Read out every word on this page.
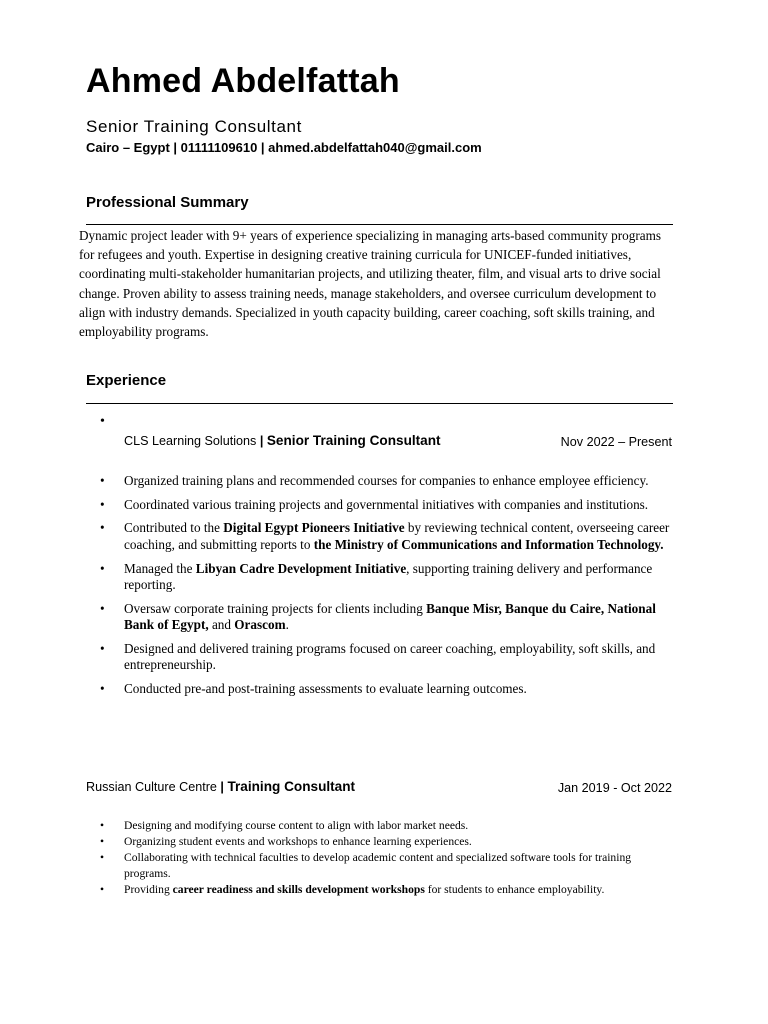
Ahmed Abdelfattah
Senior Training Consultant
Cairo – Egypt | 01111109610 | ahmed.abdelfattah040@gmail.com
Professional Summary

Dynamic project leader with 9+ years of experience specializing in managing arts-based community programs for refugees and youth. Expertise in designing creative training curricula for UNICEF-funded initiatives, coordinating multi-stakeholder humanitarian projects, and utilizing theater, film, and visual arts to drive social change. Proven ability to assess training needs, manage stakeholders, and oversee curriculum development to align with industry demands. Specialized in youth capacity building, career coaching, soft skills training, and employability programs.

Experience
•
CLS Learning Solutions | Senior Training Consultant	Nov 2022 – Present
• Organized training plans and recommended courses for companies to enhance employee efficiency.
• Coordinated various training projects and governmental initiatives with companies and institutions.
• Contributed to the Digital Egypt Pioneers Initiative by reviewing technical content, overseeing career coaching, and submitting reports to the Ministry of Communications and Information Technology.
• Managed the Libyan Cadre Development Initiative, supporting training delivery and performance reporting.
• Oversaw corporate training projects for clients including Banque Misr, Banque du Caire, National Bank of Egypt, and Orascom.
• Designed and delivered training programs focused on career coaching, employability, soft skills, and entrepreneurship.
• Conducted pre-and post-training assessments to evaluate learning outcomes.
Russian Culture Centre | Training Consultant	Jan 2019 - Oct 2022
• Designing and modifying course content to align with labor market needs.
• Organizing student events and workshops to enhance learning experiences.
• Collaborating with technical faculties to develop academic content and specialized software tools for training programs.
• Providing career readiness and skills development workshops for students to enhance employability.
